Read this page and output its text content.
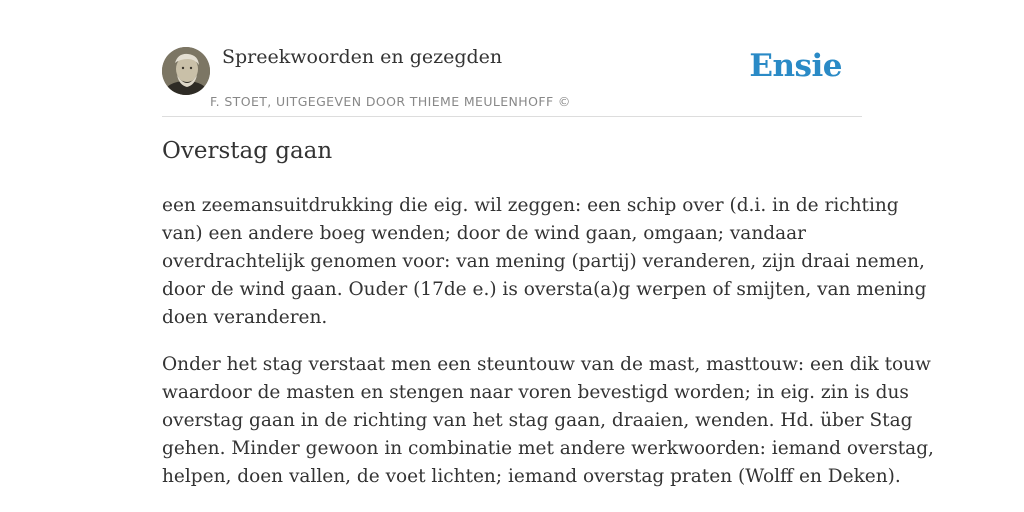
Spreekwoorden en gezegden
F. STOET, UITGEGEVEN DOOR THIEME MEULENHOFF ©
Ensie
Overstag gaan

een zeemansuitdrukking die eig. wil zeggen: een schip over (d.i. in de richting
van) een andere boeg wenden; door de wind gaan, omgaan; vandaar
overdrachtelijk genomen voor: van mening (partij) veranderen, zijn draai nemen,
door de wind gaan. Ouder (17de e.) is oversta(a)g werpen of smijten, van mening
doen veranderen.

Onder het stag verstaat men een steuntouw van de mast, masttouw: een dik touw
waardoor de masten en stengen naar voren bevestigd worden; in eig. zin is dus
overstag gaan in de richting van het stag gaan, draaien, wenden. Hd. über Stag
gehen. Minder gewoon in combinatie met andere werkwoorden: iemand overstag,
helpen, doen vallen, de voet lichten; iemand overstag praten (Wolff en Deken).
